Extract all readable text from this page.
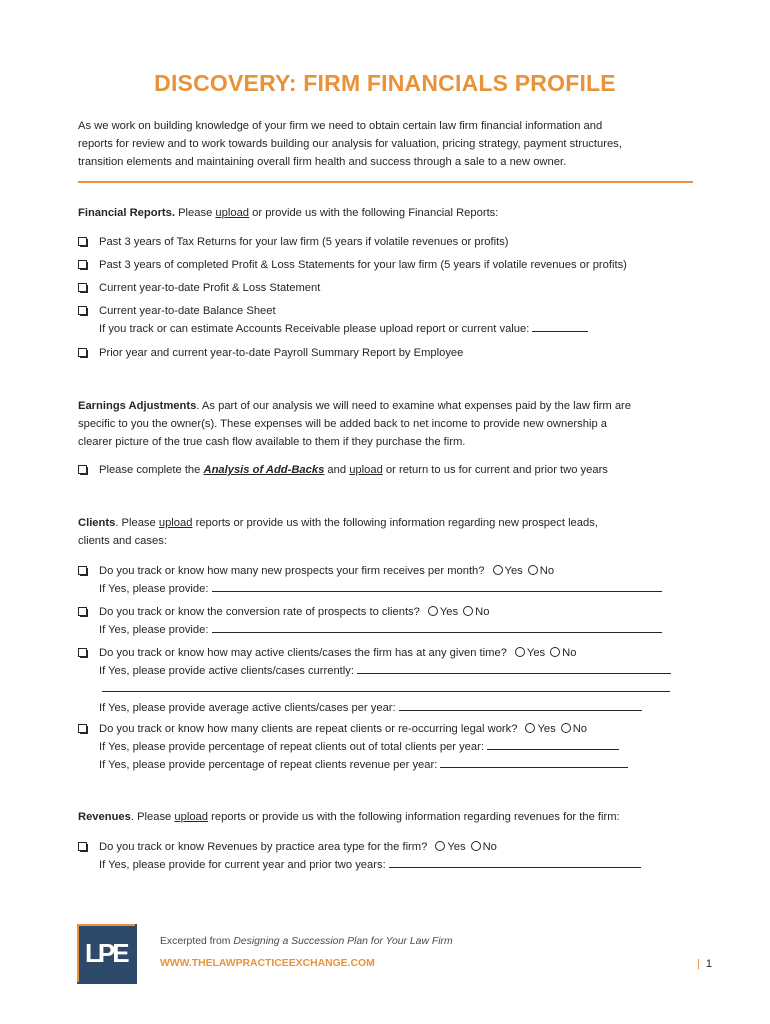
DISCOVERY: FIRM FINANCIALS PROFILE
As we work on building knowledge of your firm we need to obtain certain law firm financial information and
reports for review and to work towards building our analysis for valuation, pricing strategy, payment structures,
transition elements and maintaining overall firm health and success through a sale to a new owner.
Financial Reports. Please upload or provide us with the following Financial Reports:
Past 3 years of Tax Returns for your law firm (5 years if volatile revenues or profits)
Past 3 years of completed Profit & Loss Statements for your law firm (5 years if volatile revenues or profits)
Current year-to-date Profit & Loss Statement
Current year-to-date Balance Sheet
If you track or can estimate Accounts Receivable please upload report or current value:
Prior year and current year-to-date Payroll Summary Report by Employee
Earnings Adjustments. As part of our analysis we will need to examine what expenses paid by the law firm are
specific to you the owner(s). These expenses will be added back to net income to provide new ownership a
clearer picture of the true cash flow available to them if they purchase the firm.
Please complete the Analysis of Add-Backs and upload or return to us for current and prior two years
Clients. Please upload reports or provide us with the following information regarding new prospect leads,
clients and cases:
Do you track or know how many new prospects your firm receives per month? Yes No
If Yes, please provide:
Do you track or know the conversion rate of prospects to clients? Yes No
If Yes, please provide:
Do you track or know how may active clients/cases the firm has at any given time? Yes No
If Yes, please provide active clients/cases currently:
If Yes, please provide average active clients/cases per year:
Do you track or know how many clients are repeat clients or re-occurring legal work? Yes No
If Yes, please provide percentage of repeat clients out of total clients per year:
If Yes, please provide percentage of repeat clients revenue per year:
Revenues. Please upload reports or provide us with the following information regarding revenues for the firm:
Do you track or know Revenues by practice area type for the firm? Yes No
If Yes, please provide for current year and prior two years:
LPE	Excerpted from Designing a Succession Plan for Your Law Firm
WWW.THELAWPRACTICEEXCHANGE.COM	| 1
